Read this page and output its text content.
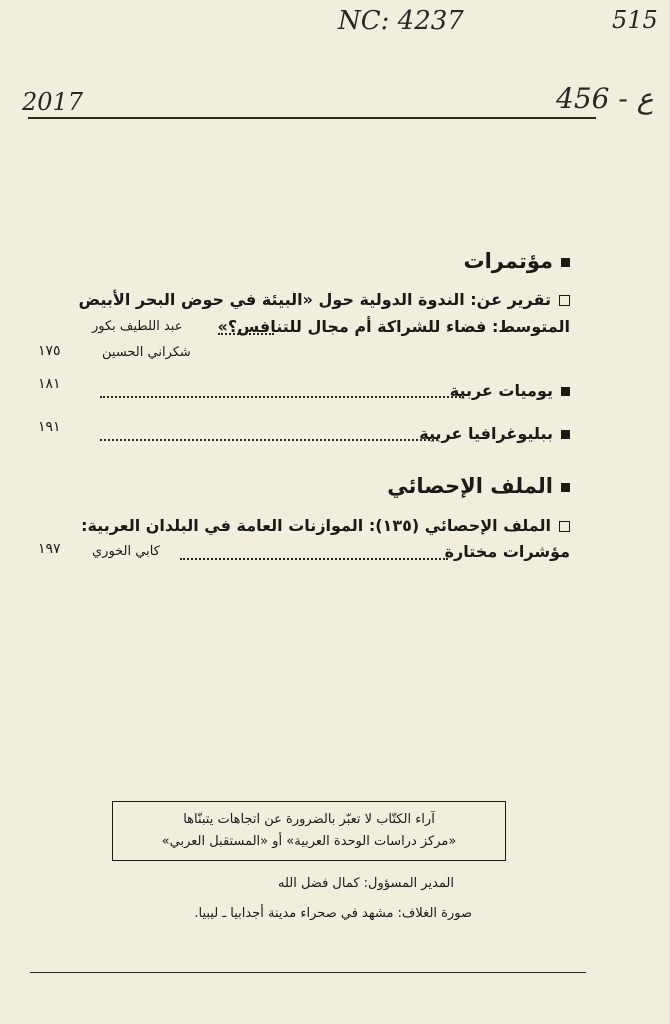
NC: 4237	515
456 - ع
2017
مؤتمرات
تقرير عن: الندوة الدولية حول «البيئة في حوض البحر الأبيض
المتوسط: فضاء للشراكة أم مجال للتنافس؟»
عبد اللطيف بكور
شكراني الحسين
١٧٥
يوميات عربية
١٨١
ببليوغرافيا عربية
١٩١
الملف الإحصائي
الملف الإحصائي (١٣٥): الموازنات العامة في البلدان العربية:
مؤشرات مختارة
كابي الخوري
١٩٧
آراء الكتّاب لا تعبّر بالضرورة عن اتجاهات يتبنّاها
«مركز دراسات الوحدة العربية» أو «المستقبل العربي»
المدير المسؤول: كمال فضل الله
صورة الغلاف: مشهد في صحراء مدينة أجدابيا ـ ليبيا.
